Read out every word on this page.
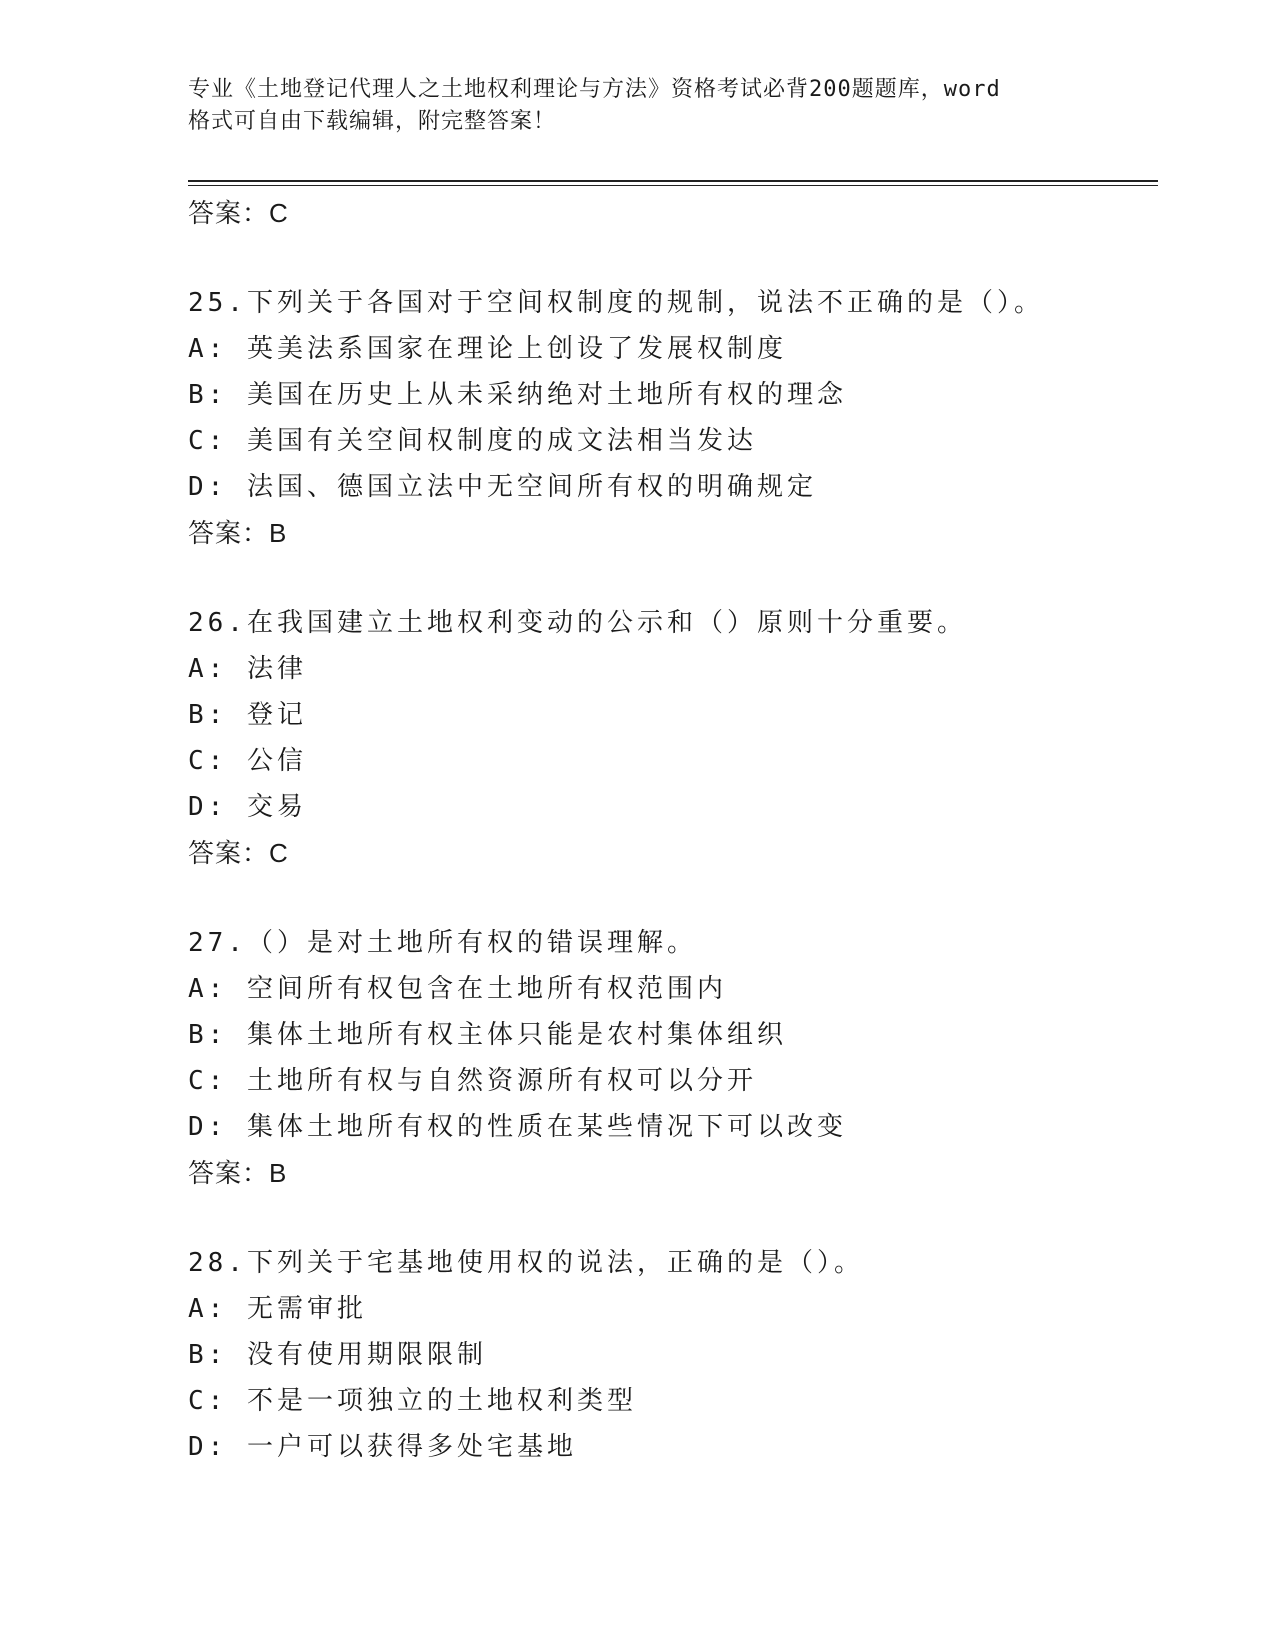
专业《土地登记代理人之土地权利理论与方法》资格考试必背200题题库，word
格式可自由下载编辑，附完整答案！
答案：C
25.下列关于各国对于空间权制度的规制，说法不正确的是（）。
A: 英美法系国家在理论上创设了发展权制度
B: 美国在历史上从未采纳绝对土地所有权的理念
C: 美国有关空间权制度的成文法相当发达
D: 法国、德国立法中无空间所有权的明确规定
答案：B
26.在我国建立土地权利变动的公示和（）原则十分重要。
A: 法律
B: 登记
C: 公信
D: 交易
答案：C
27.（）是对土地所有权的错误理解。
A: 空间所有权包含在土地所有权范围内
B: 集体土地所有权主体只能是农村集体组织
C: 土地所有权与自然资源所有权可以分开
D: 集体土地所有权的性质在某些情况下可以改变
答案：B
28.下列关于宅基地使用权的说法，正确的是（）。
A: 无需审批
B: 没有使用期限限制
C: 不是一项独立的土地权利类型
D: 一户可以获得多处宅基地
